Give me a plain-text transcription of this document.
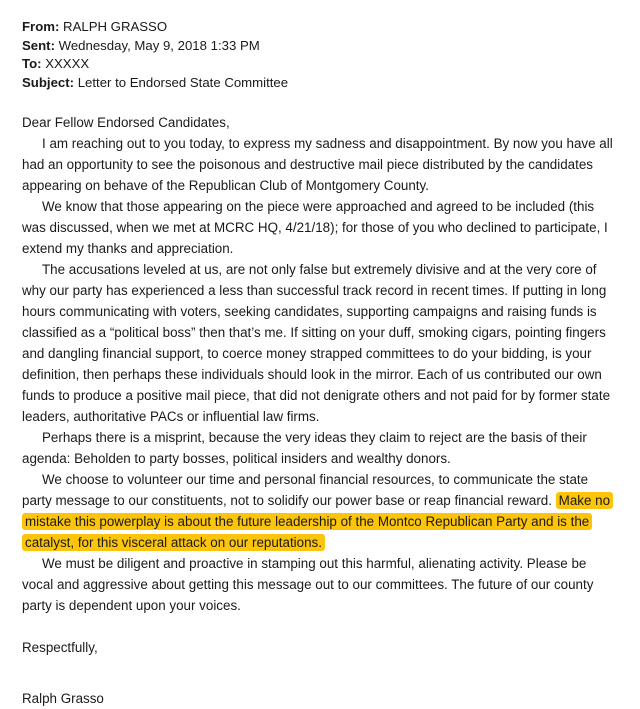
From: RALPH GRASSO
Sent: Wednesday, May 9, 2018 1:33 PM
To: XXXXX
Subject: Letter to Endorsed State Committee

Dear Fellow Endorsed Candidates,

I am reaching out to you today, to express my sadness and disappointment. By now you have all had an opportunity to see the poisonous and destructive mail piece distributed by the candidates appearing on behave of the Republican Club of Montgomery County.

We know that those appearing on the piece were approached and agreed to be included (this was discussed, when we met at MCRC HQ, 4/21/18); for those of you who declined to participate, I extend my thanks and appreciation.

The accusations leveled at us, are not only false but extremely divisive and at the very core of why our party has experienced a less than successful track record in recent times. If putting in long hours communicating with voters, seeking candidates, supporting campaigns and raising funds is classified as a “political boss” then that’s me. If sitting on your duff, smoking cigars, pointing fingers and dangling financial support, to coerce money strapped committees to do your bidding, is your definition, then perhaps these individuals should look in the mirror. Each of us contributed our own funds to produce a positive mail piece, that did not denigrate others and not paid for by former state leaders, authoritative PACs or influential law firms.

Perhaps there is a misprint, because the very ideas they claim to reject are the basis of their agenda: Beholden to party bosses, political insiders and wealthy donors.

We choose to volunteer our time and personal financial resources, to communicate the state party message to our constituents, not to solidify our power base or reap financial reward. Make no mistake this powerplay is about the future leadership of the Montco Republican Party and is the catalyst, for this visceral attack on our reputations.

We must be diligent and proactive in stamping out this harmful, alienating activity. Please be vocal and aggressive about getting this message out to our committees. The future of our county party is dependent upon your voices.

Respectfully,

Ralph Grasso
